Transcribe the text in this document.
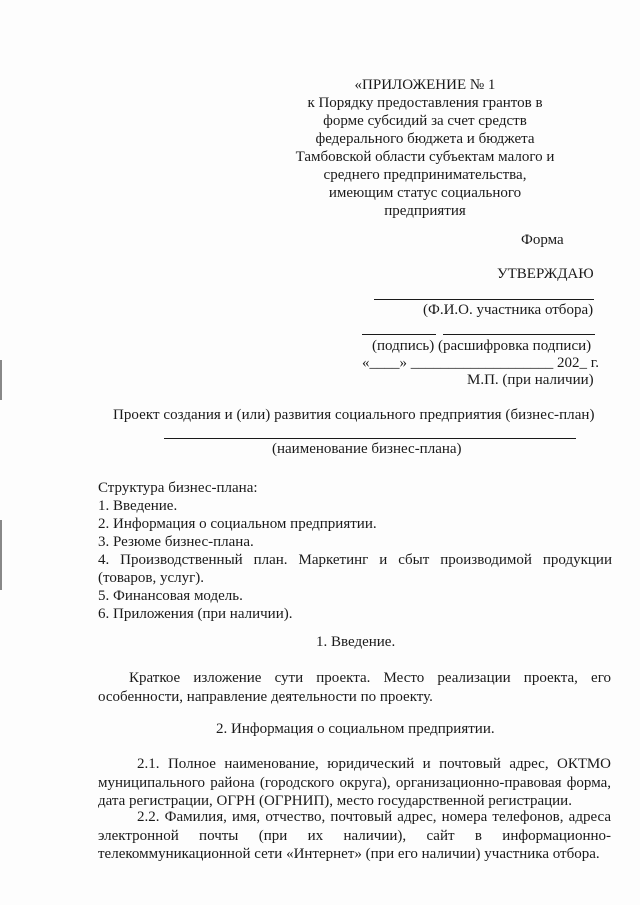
«ПРИЛОЖЕНИЕ № 1
к Порядку предоставления грантов в
форме субсидий за счет средств
федерального бюджета и бюджета
Тамбовской области субъектам малого и
среднего предпринимательства,
имеющим статус социального
предприятия
Форма
УТВЕРЖДАЮ
(Ф.И.О. участника отбора)
(подпись) (расшифровка подписи)
«____» ___________________ 202_ г.
М.П. (при наличии)
Проект создания и (или) развития социального предприятия (бизнес-план)
(наименование бизнес-плана)
Структура бизнес-плана:
1. Введение.
2. Информация о социальном предприятии.
3. Резюме бизнес-плана.
4. Производственный план. Маркетинг и сбыт производимой продукции
(товаров, услуг).
5. Финансовая модель.
6. Приложения (при наличии).
1. Введение.
Краткое изложение сути проекта. Место реализации проекта, его особенности, направление деятельности по проекту.
2. Информация о социальном предприятии.
2.1. Полное наименование, юридический и почтовый адрес, ОКТМО муниципального района (городского округа), организационно-правовая форма, дата регистрации, ОГРН (ОГРНИП), место государственной регистрации.
2.2. Фамилия, имя, отчество, почтовый адрес, номера телефонов, адреса электронной почты (при их наличии), сайт в информационно-телекоммуникационной сети «Интернет» (при его наличии) участника отбора.
